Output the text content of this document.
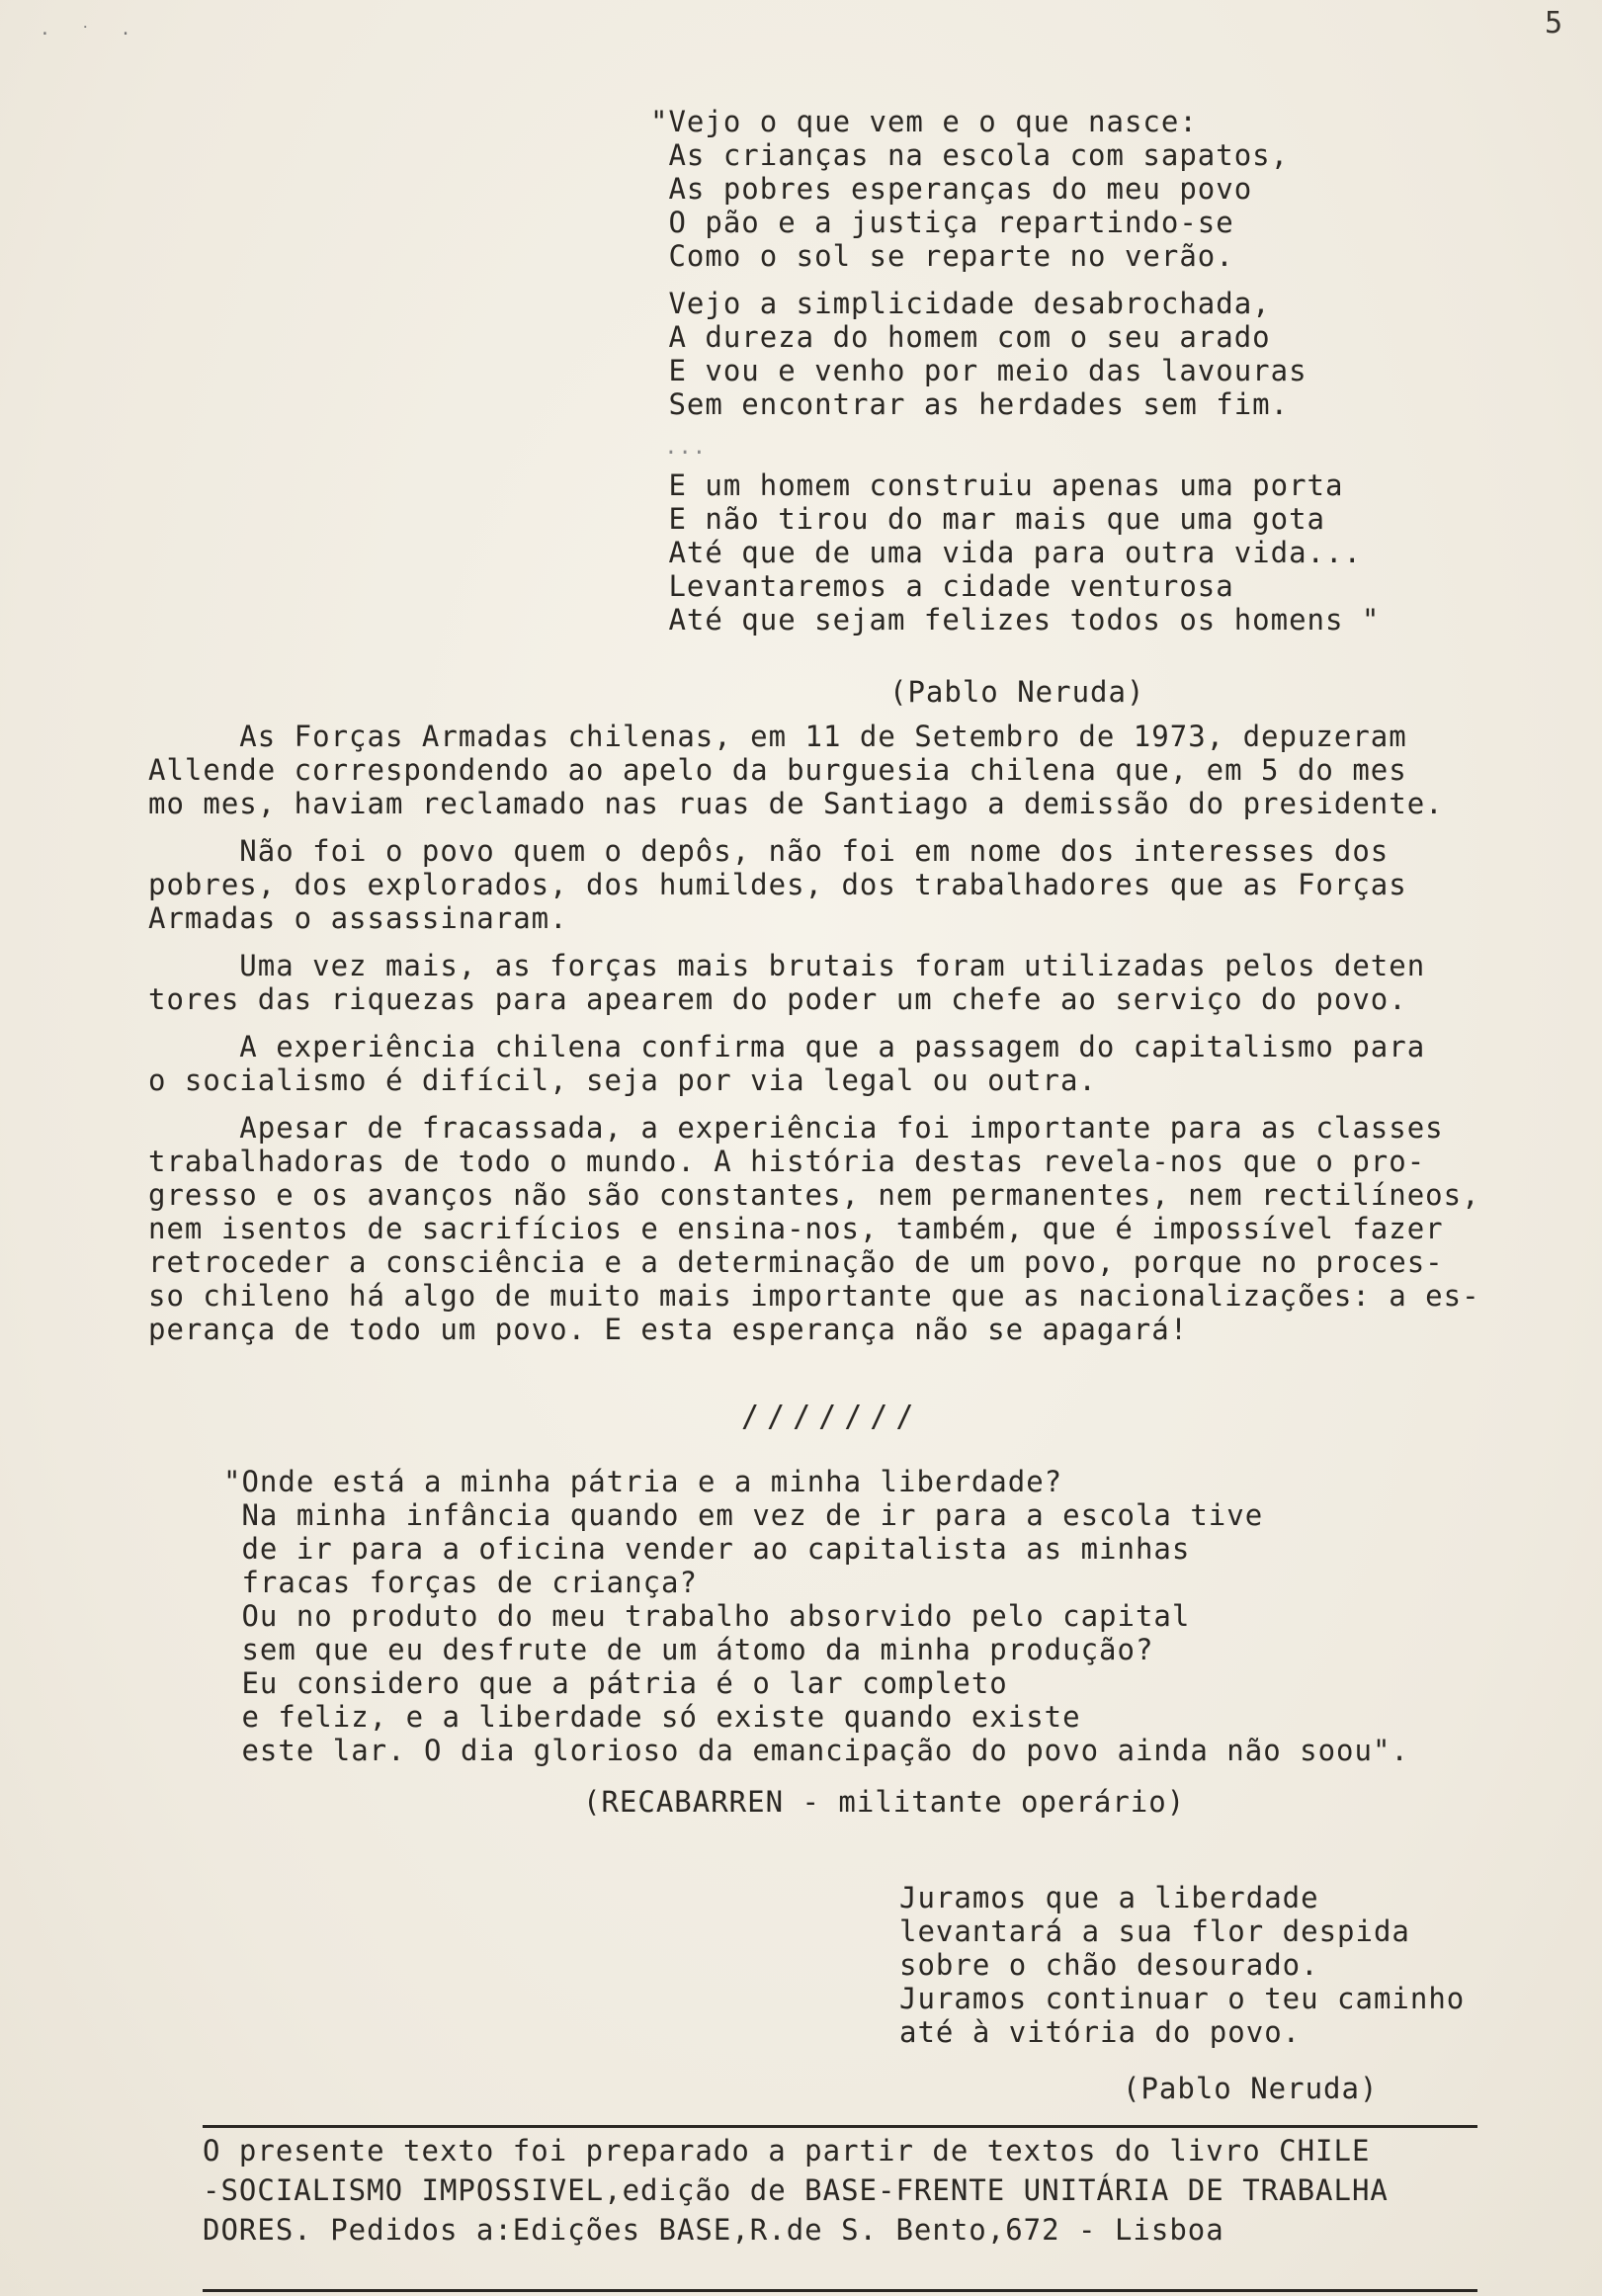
·˙·	5
"Vejo o que vem e o que nasce:
As crianças na escola com sapatos,
As pobres esperanças do meu povo
O pão e a justiça repartindo-se
Como o sol se reparte no verão.
Vejo a simplicidade desabrochada,
A dureza do homem com o seu arado
E vou e venho por meio das lavouras
Sem encontrar as herdades sem fim.
...
E um homem construiu apenas uma porta
E não tirou do mar mais que uma gota
Até que de uma vida para outra vida...
Levantaremos a cidade venturosa
Até que sejam felizes todos os homens "
(Pablo Neruda)

As Forças Armadas chilenas, em 11 de Setembro de 1973, depuzeram
Allende correspondendo ao apelo da burguesia chilena que, em 5 do mes
mo mes, haviam reclamado nas ruas de Santiago a demissão do presidente.

Não foi o povo quem o depôs, não foi em nome dos interesses dos
pobres, dos explorados, dos humildes, dos trabalhadores que as Forças
Armadas o assassinaram.

Uma vez mais, as forças mais brutais foram utilizadas pelos deten
tores das riquezas para apearem do poder um chefe ao serviço do povo.

A experiência chilena confirma que a passagem do capitalismo para
o socialismo é difícil, seja por via legal ou outra.

Apesar de fracassada, a experiência foi importante para as classes
trabalhadoras de todo o mundo. A história destas revela-nos que o pro-
gresso e os avanços não são constantes, nem permanentes, nem rectilíneos,
nem isentos de sacrifícios e ensina-nos, também, que é impossível fazer
retroceder a consciência e a determinação de um povo, porque no proces-
so chileno há algo de muito mais importante que as nacionalizações: a es-
perança de todo um povo. E esta esperança não se apagará!

///////
"Onde está a minha pátria e a minha liberdade?
Na minha infância quando em vez de ir para a escola tive
de ir para a oficina vender ao capitalista as minhas
fracas forças de criança?
Ou no produto do meu trabalho absorvido pelo capital
sem que eu desfrute de um átomo da minha produção?
Eu considero que a pátria é o lar completo
e feliz, e a liberdade só existe quando existe
este lar. O dia glorioso da emancipação do povo ainda não soou".
(RECABARREN - militante operário)
Juramos que a liberdade
levantará a sua flor despida
sobre o chão desourado.
Juramos continuar o teu caminho
até à vitória do povo.
(Pablo Neruda)
O presente texto foi preparado a partir de textos do livro CHILE
-SOCIALISMO IMPOSSIVEL,edição de BASE-FRENTE UNITÁRIA DE TRABALHA
DORES. Pedidos a:Edições BASE,R.de S. Bento,672 - Lisboa
